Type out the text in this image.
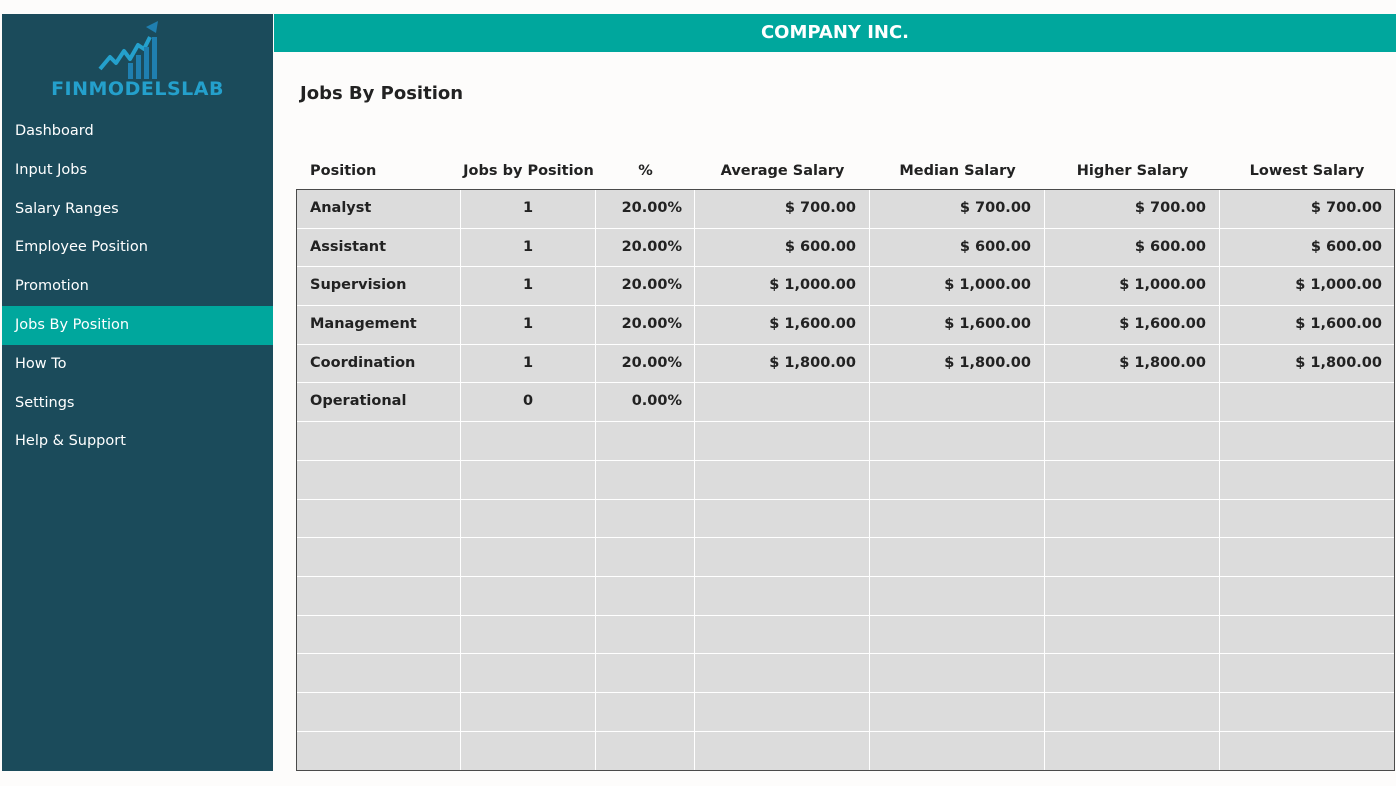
FINMODELSLAB
Dashboard
Input Jobs
Salary Ranges
Employee Position
Promotion
Jobs By Position
How To
Settings
Help & Support
COMPANY INC.
Jobs By Position
Position	Jobs by Position	%	Average Salary	Median Salary	Higher Salary	Lowest Salary
Analyst	1	20.00%	$ 700.00	$ 700.00	$ 700.00	$ 700.00
Assistant	1	20.00%	$ 600.00	$ 600.00	$ 600.00	$ 600.00
Supervision	1	20.00%	$ 1,000.00	$ 1,000.00	$ 1,000.00	$ 1,000.00
Management	1	20.00%	$ 1,600.00	$ 1,600.00	$ 1,600.00	$ 1,600.00
Coordination	1	20.00%	$ 1,800.00	$ 1,800.00	$ 1,800.00	$ 1,800.00
Operational	0	0.00%
